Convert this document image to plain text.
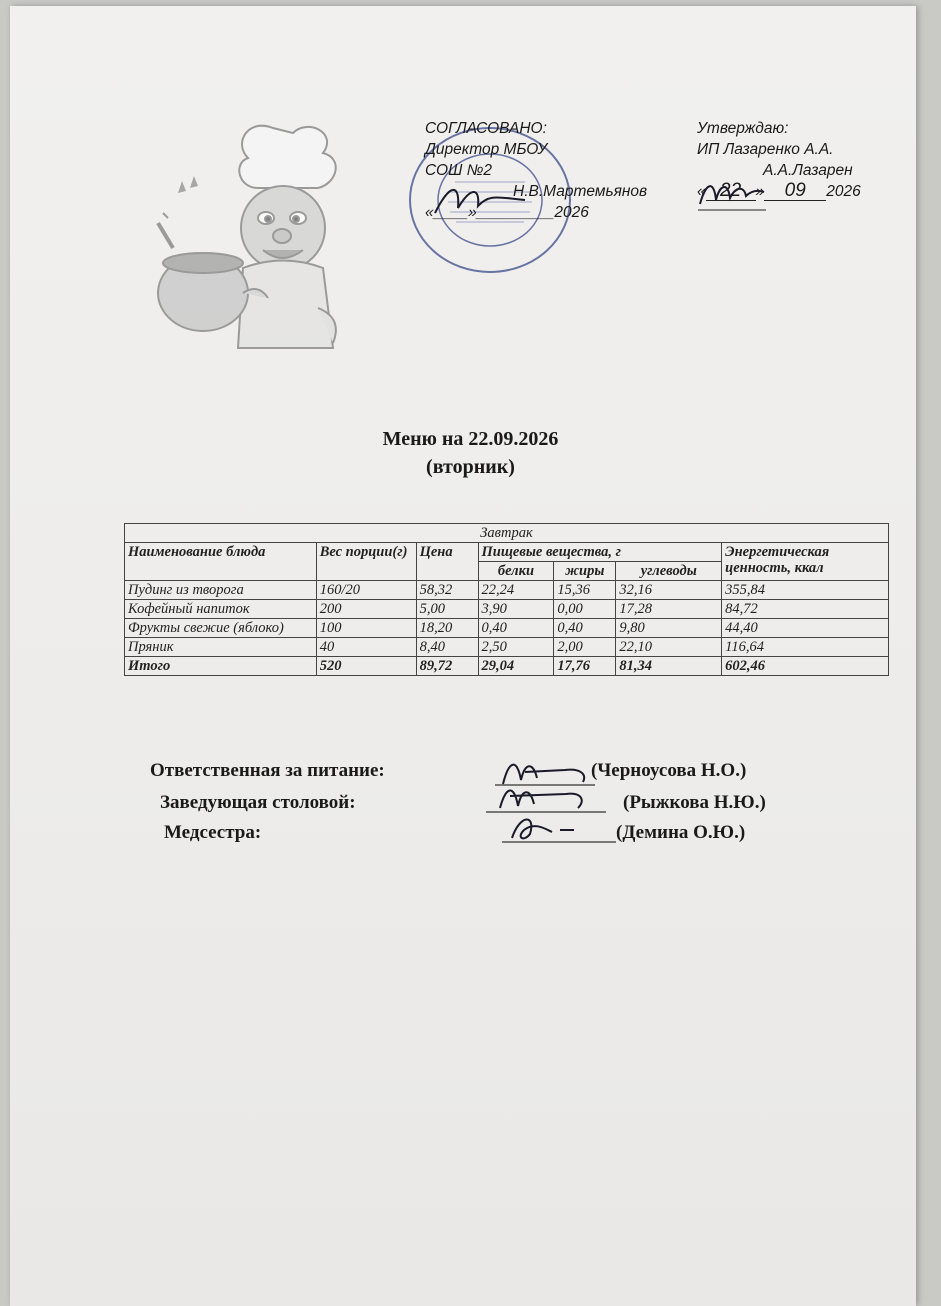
СОГЛАСОВАНО:
Директор МБОУ
СОШ №2
Н.В.Мартемьянов
«____»_________2026
Утверждаю:
ИП Лазаренко А.А.
А.А.Лазарен
« 22 » 09 2026
Меню на 22.09.2026
(вторник)
Завтрак						
Наименование блюда	Вес порции(г)	Цена	Пищевые вещества, г			Энергетическая ценность, ккал
			белки	жиры	углеводы	
Пудинг из творога	160/20	58,32	22,24	15,36	32,16	355,84
Кофейный напиток	200	5,00	3,90	0,00	17,28	84,72
Фрукты свежие (яблоко)	100	18,20	0,40	0,40	9,80	44,40
Пряник	40	8,40	2,50	2,00	22,10	116,64
Итого	520	89,72	29,04	17,76	81,34	602,46
Ответственная за питание:	(Черноусова Н.О.)
Заведующая столовой:	(Рыжкова Н.Ю.)
Медсестра:	(Демина О.Ю.)
